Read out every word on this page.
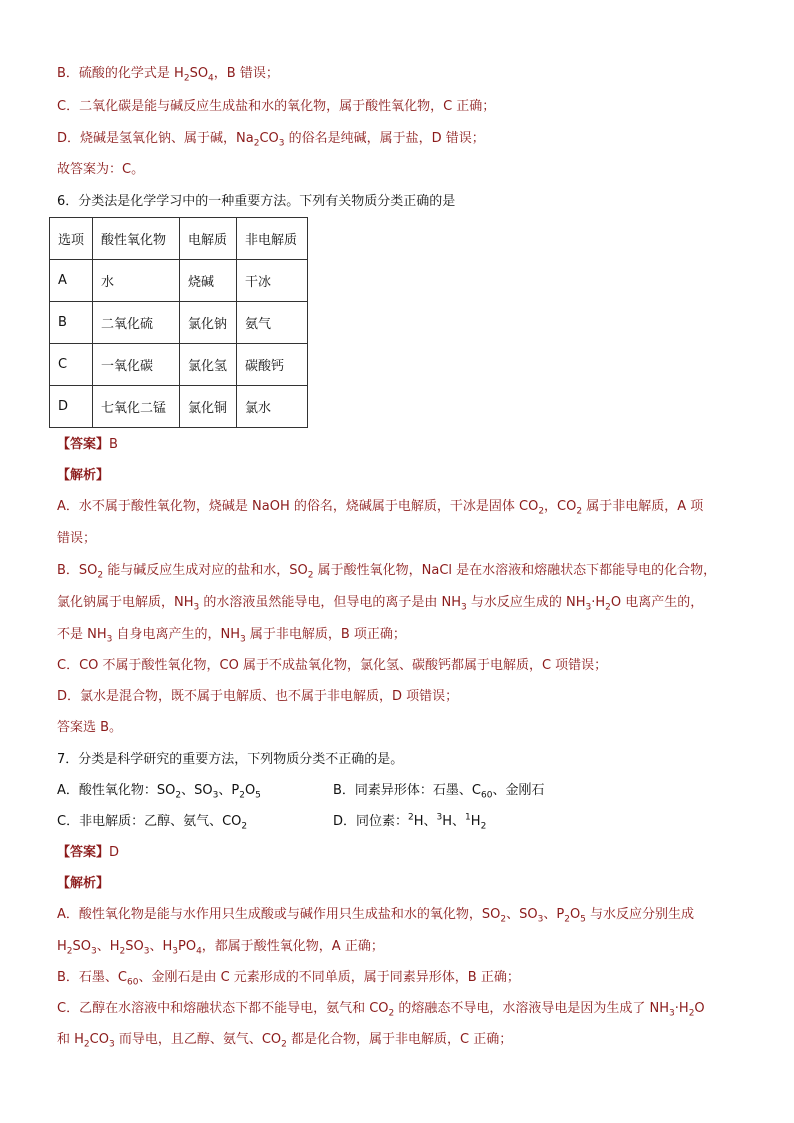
B．硫酸的化学式是 $H_2SO_4$，B 错误；
C．二氧化碳是能与碱反应生成盐和水的氧化物，属于酸性氧化物，C 正确；
D．烧碱是氢氧化钠、属于碱，$Na_2CO_3$ 的俗名是纯碱，属于盐，D 错误；
故答案为：C。
6．分类法是化学学习中的一种重要方法。下列有关物质分类正确的是
选项	酸性氧化物	电解质	非电解质
A	水	烧碱	干冰
B	二氧化硫	氯化钠	氨气
C	一氧化碳	氯化氢	碳酸钙
D	七氧化二锰	氯化铜	氯水
【答案】B
【解析】
A．水不属于酸性氧化物，烧碱是 NaOH 的俗名，烧碱属于电解质，干冰是固体 $CO_2$，$CO_2$ 属于非电解质，A 项
错误；
B．$SO_2$ 能与碱反应生成对应的盐和水，$SO_2$ 属于酸性氧化物，NaCl 是在水溶液和熔融状态下都能导电的化合物，
氯化钠属于电解质，$NH_3$ 的水溶液虽然能导电，但导电的离子是由 $NH_3$ 与水反应生成的 $NH_3\cdot H_2O$ 电离产生的，
不是 $NH_3$ 自身电离产生的，$NH_3$ 属于非电解质，B 项正确；
C．CO 不属于酸性氧化物，CO 属于不成盐氧化物，氯化氢、碳酸钙都属于电解质，C 项错误；
D．氯水是混合物，既不属于电解质、也不属于非电解质，D 项错误；
答案选 B。
7．分类是科学研究的重要方法，下列物质分类不正确的是。
A．酸性氧化物：$SO_2$、$SO_3$、$P_2O_5$	B．同素异形体：石墨、$C_{60}$、金刚石
C．非电解质：乙醇、氨气、$CO_2$	D．同位素：$^2$H、$^3$H、$^1H_2$
【答案】D
【解析】
A．酸性氧化物是能与水作用只生成酸或与碱作用只生成盐和水的氧化物，$SO_2$、$SO_3$、$P_2O_5$ 与水反应分别生成
$H_2SO_3$、$H_2SO_3$、$H_3PO_4$，都属于酸性氧化物，A 正确；
B．石墨、$C_{60}$、金刚石是由 C 元素形成的不同单质，属于同素异形体，B 正确；
C．乙醇在水溶液中和熔融状态下都不能导电，氨气和 $CO_2$ 的熔融态不导电，水溶液导电是因为生成了 $NH_3\cdot H_2O$
和 $H_2CO_3$ 而导电，且乙醇、氨气、$CO_2$ 都是化合物，属于非电解质，C 正确；
